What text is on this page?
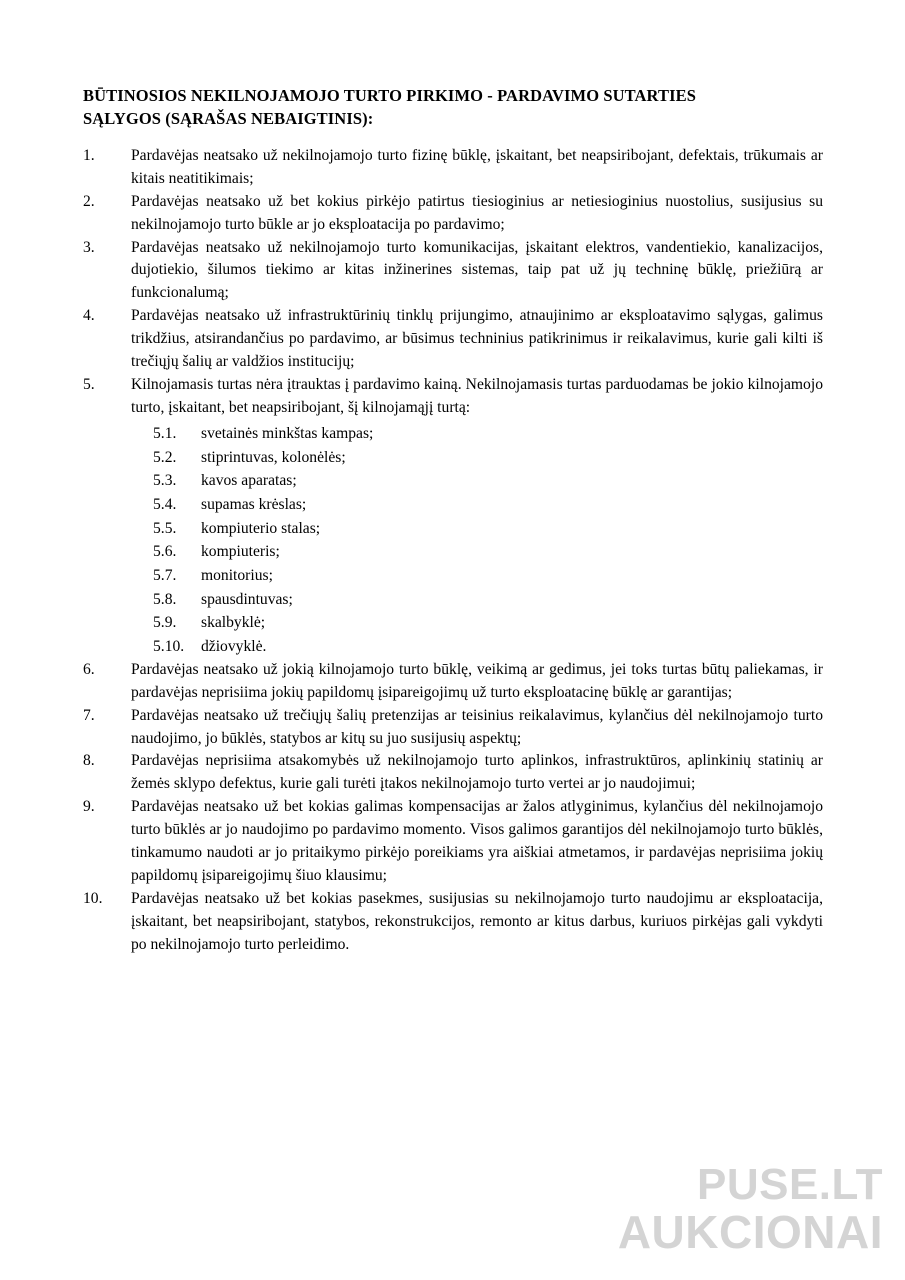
BŪTINOSIOS NEKILNOJAMOJO TURTO PIRKIMO - PARDAVIMO SUTARTIES
SĄLYGOS (SĄRAŠAS NEBAIGTINIS):
1.	Pardavėjas neatsako už nekilnojamojo turto fizinę būklę, įskaitant, bet neapsiribojant, defektais, trūkumais ar kitais neatitikimais;
2.	Pardavėjas neatsako už bet kokius pirkėjo patirtus tiesioginius ar netiesioginius nuostolius, susijusius su nekilnojamojo turto būkle ar jo eksploatacija po pardavimo;
3.	Pardavėjas neatsako už nekilnojamojo turto komunikacijas, įskaitant elektros, vandentiekio, kanalizacijos, dujotiekio, šilumos tiekimo ar kitas inžinerines sistemas, taip pat už jų techninę būklę, priežiūrą ar funkcionalumą;
4.	Pardavėjas neatsako už infrastruktūrinių tinklų prijungimo, atnaujinimo ar eksploatavimo sąlygas, galimus trikdžius, atsirandančius po pardavimo, ar būsimus techninius patikrinimus ir reikalavimus, kurie gali kilti iš trečiųjų šalių ar valdžios institucijų;
5.	Kilnojamasis turtas nėra įtrauktas į pardavimo kainą. Nekilnojamasis turtas parduodamas be jokio kilnojamojo turto, įskaitant, bet neapsiribojant, šį kilnojamąjį turtą:
5.1.	svetainės minkštas kampas;
5.2.	stiprintuvas, kolonėlės;
5.3.	kavos aparatas;
5.4.	supamas krėslas;
5.5.	kompiuterio stalas;
5.6.	kompiuteris;
5.7.	monitorius;
5.8.	spausdintuvas;
5.9.	skalbyklė;
5.10.	džiovyklė.
6.	Pardavėjas neatsako už jokią kilnojamojo turto būklę, veikimą ar gedimus, jei toks turtas būtų paliekamas, ir pardavėjas neprisiima jokių papildomų įsipareigojimų už turto eksploatacinę būklę ar garantijas;
7.	Pardavėjas neatsako už trečiųjų šalių pretenzijas ar teisinius reikalavimus, kylančius dėl nekilnojamojo turto naudojimo, jo būklės, statybos ar kitų su juo susijusių aspektų;
8.	Pardavėjas neprisiima atsakomybės už nekilnojamojo turto aplinkos, infrastruktūros, aplinkinių statinių ar žemės sklypo defektus, kurie gali turėti įtakos nekilnojamojo turto vertei ar jo naudojimui;
9.	Pardavėjas neatsako už bet kokias galimas kompensacijas ar žalos atlyginimus, kylančius dėl nekilnojamojo turto būklės ar jo naudojimo po pardavimo momento. Visos galimos garantijos dėl nekilnojamojo turto būklės, tinkamumo naudoti ar jo pritaikymo pirkėjo poreikiams yra aiškiai atmetamos, ir pardavėjas neprisiima jokių papildomų įsipareigojimų šiuo klausimu;
10.	Pardavėjas neatsako už bet kokias pasekmes, susijusias su nekilnojamojo turto naudojimu ar eksploatacija, įskaitant, bet neapsiribojant, statybos, rekonstrukcijos, remonto ar kitus darbus, kuriuos pirkėjas gali vykdyti po nekilnojamojo turto perleidimo.
PUSE.LT
AUKCIONAI
